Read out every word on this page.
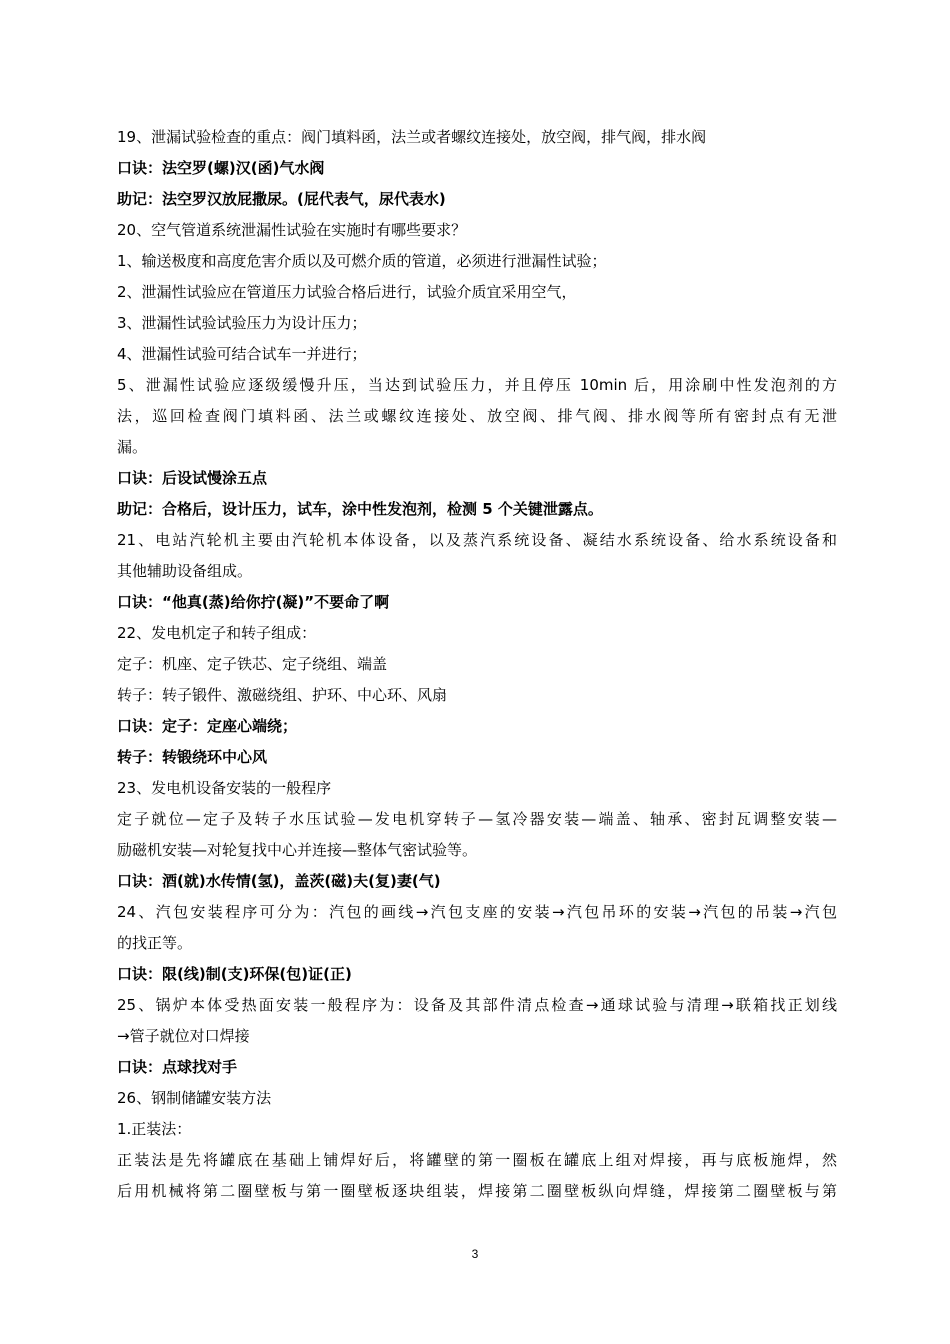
19、泄漏试验检查的重点：阀门填料函，法兰或者螺纹连接处，放空阀，排气阀，排水阀
口诀：法空罗(螺)汉(函)气水阀
助记：法空罗汉放屁撒尿。(屁代表气，尿代表水)
20、空气管道系统泄漏性试验在实施时有哪些要求？
1、输送极度和高度危害介质以及可燃介质的管道，必须进行泄漏性试验；
2、泄漏性试验应在管道压力试验合格后进行，试验介质宜采用空气，
3、泄漏性试验试验压力为设计压力；
4、泄漏性试验可结合试车一并进行；
5、泄漏性试验应逐级缓慢升压，当达到试验压力，并且停压 10min 后，用涂刷中性发泡剂的方
法，巡回检查阀门填料函、法兰或螺纹连接处、放空阀、排气阀、排水阀等所有密封点有无泄
漏。
口诀：后设试慢涂五点
助记：合格后，设计压力，试车，涂中性发泡剂，检测 5 个关键泄露点。
21、电站汽轮机主要由汽轮机本体设备，以及蒸汽系统设备、凝结水系统设备、给水系统设备和
其他辅助设备组成。
口诀：“他真(蒸)给你拧(凝)”不要命了啊
22、发电机定子和转子组成：
定子：机座、定子铁芯、定子绕组、端盖
转子：转子锻件、激磁绕组、护环、中心环、风扇
口诀：定子：定座心端绕；
转子：转锻绕环中心风
23、发电机设备安装的一般程序
定子就位—定子及转子水压试验—发电机穿转子—氢冷器安装—端盖、轴承、密封瓦调整安装—
励磁机安装—对轮复找中心并连接—整体气密试验等。
口诀：酒(就)水传情(氢)，盖茨(磁)夫(复)妻(气)
24、汽包安装程序可分为：汽包的画线→汽包支座的安装→汽包吊环的安装→汽包的吊装→汽包
的找正等。
口诀：限(线)制(支)环保(包)证(正)
25、锅炉本体受热面安装一般程序为：设备及其部件清点检查→通球试验与清理→联箱找正划线
→管子就位对口焊接
口诀：点球找对手
26、钢制储罐安装方法
1.正装法：
正装法是先将罐底在基础上铺焊好后，将罐壁的第一圈板在罐底上组对焊接，再与底板施焊，然
后用机械将第二圈壁板与第一圈壁板逐块组装，焊接第二圈壁板纵向焊缝，焊接第二圈壁板与第
3
